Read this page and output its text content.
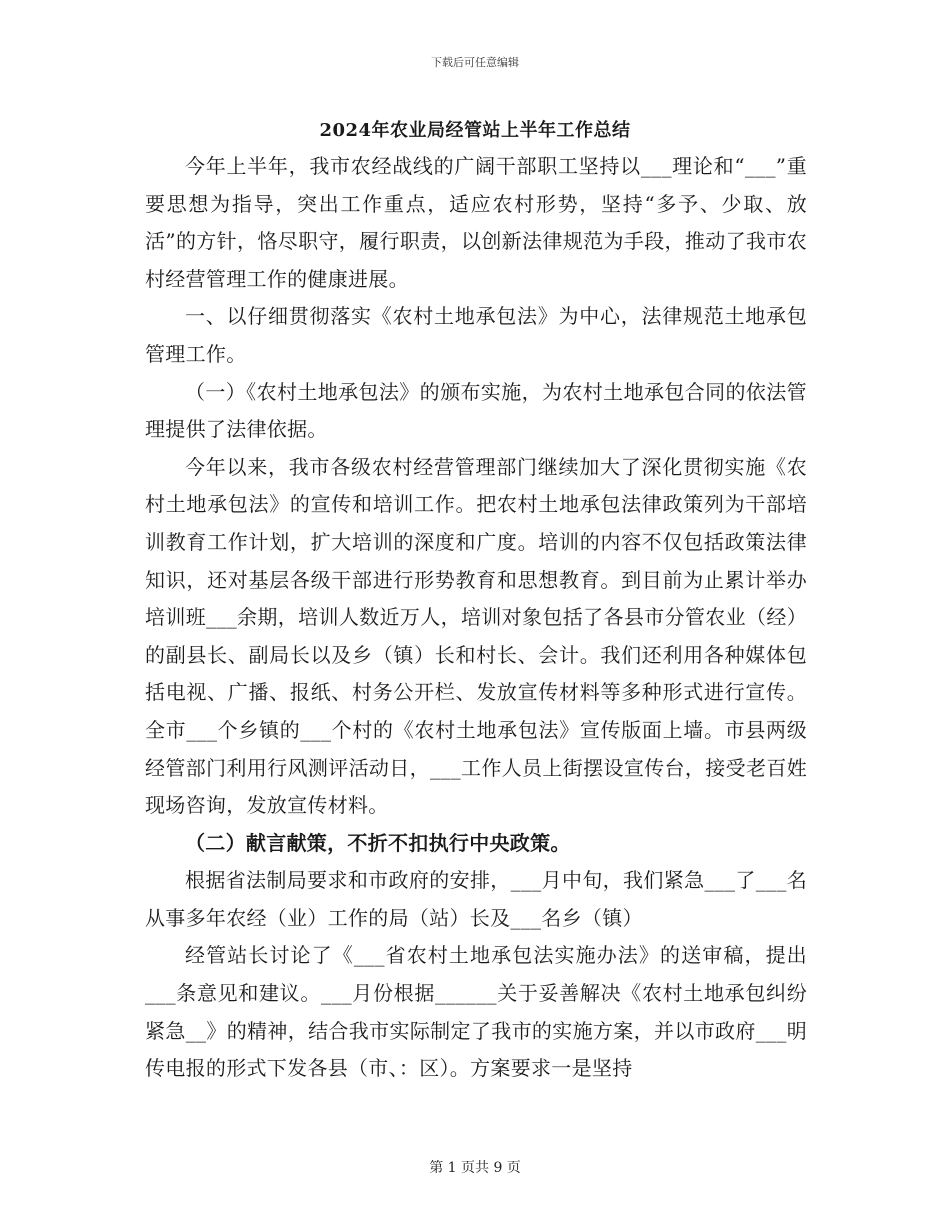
下载后可任意编辑
2024年农业局经管站上半年工作总结

今年上半年，我市农经战线的广阔干部职工坚持以___理论和“___”重要思想为指导，突出工作重点，适应农村形势，坚持“多予、少取、放活”的方针，恪尽职守，履行职责，以创新法律规范为手段，推动了我市农村经营管理工作的健康进展。

一、以仔细贯彻落实《农村土地承包法》为中心，法律规范土地承包管理工作。

（一）《农村土地承包法》的颁布实施，为农村土地承包合同的依法管理提供了法律依据。

今年以来，我市各级农村经营管理部门继续加大了深化贯彻实施《农村土地承包法》的宣传和培训工作。把农村土地承包法律政策列为干部培训教育工作计划，扩大培训的深度和广度。培训的内容不仅包括政策法律知识，还对基层各级干部进行形势教育和思想教育。到目前为止累计举办培训班___余期，培训人数近万人，培训对象包括了各县市分管农业（经）的副县长、副局长以及乡（镇）长和村长、会计。我们还利用各种媒体包括电视、广播、报纸、村务公开栏、发放宣传材料等多种形式进行宣传。全市___个乡镇的___个村的《农村土地承包法》宣传版面上墙。市县两级经管部门利用行风测评活动日，___工作人员上街摆设宣传台，接受老百姓现场咨询，发放宣传材料。

（二）献言献策，不折不扣执行中央政策。

根据省法制局要求和市政府的安排，___月中旬，我们紧急___了___名从事多年农经（业）工作的局（站）长及___名乡（镇）

经管站长讨论了《___省农村土地承包法实施办法》的送审稿，提出___条意见和建议。___月份根据______关于妥善解决《农村土地承包纠纷紧急__》的精神，结合我市实际制定了我市的实施方案，并以市政府___明传电报的形式下发各县（市、：区）。方案要求一是坚持

第 1 页共 9 页
